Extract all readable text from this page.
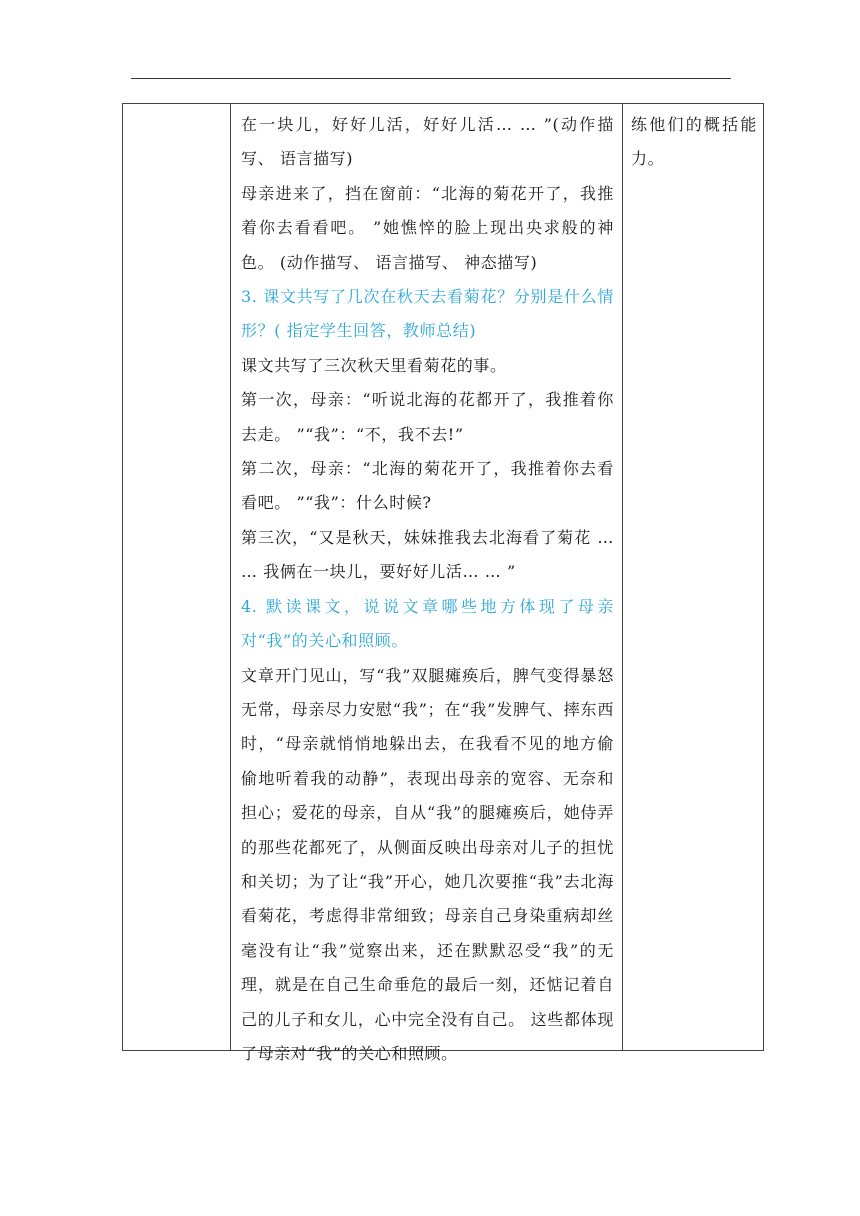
在一块儿，好好儿活，好好儿活… … ”(动作描写、 语言描写)

母亲进来了，挡在窗前：“北海的菊花开了，我推着你去看看吧。 ”她憔悴的脸上现出央求般的神色。 (动作描写、 语言描写、 神态描写)

3. 课文共写了几次在秋天去看菊花？分别是什么情形？( 指定学生回答，教师总结)

课文共写了三次秋天里看菊花的事。

第一次，母亲：“听说北海的花都开了，我推着你去走。 ”“我”：“不，我不去!”

第二次，母亲：“北海的菊花开了，我推着你去看看吧。 ”“我”：什么时候?

第三次，“又是秋天，妹妹推我去北海看了菊花 … … 我俩在一块儿，要好好儿活… … ”

4. 默读课文，说说文章哪些地方体现了母亲对“我”的关心和照顾。

文章开门见山，写“我”双腿瘫痪后，脾气变得暴怒无常，母亲尽力安慰“我”；在“我”发脾气、摔东西时，“母亲就悄悄地躲出去，在我看不见的地方偷偷地听着我的动静”，表现出母亲的宽容、无奈和担心；爱花的母亲，自从“我”的腿瘫痪后，她侍弄的那些花都死了，从侧面反映出母亲对儿子的担忧和关切；为了让“我”开心，她几次要推“我”去北海看菊花，考虑得非常细致；母亲自己身染重病却丝毫没有让“我”觉察出来，还在默默忍受“我”的无理，就是在自己生命垂危的最后一刻，还惦记着自己的儿子和女儿，心中完全没有自己。 这些都体现了母亲对“我”的关心和照顾。

练他们的概括能力。
